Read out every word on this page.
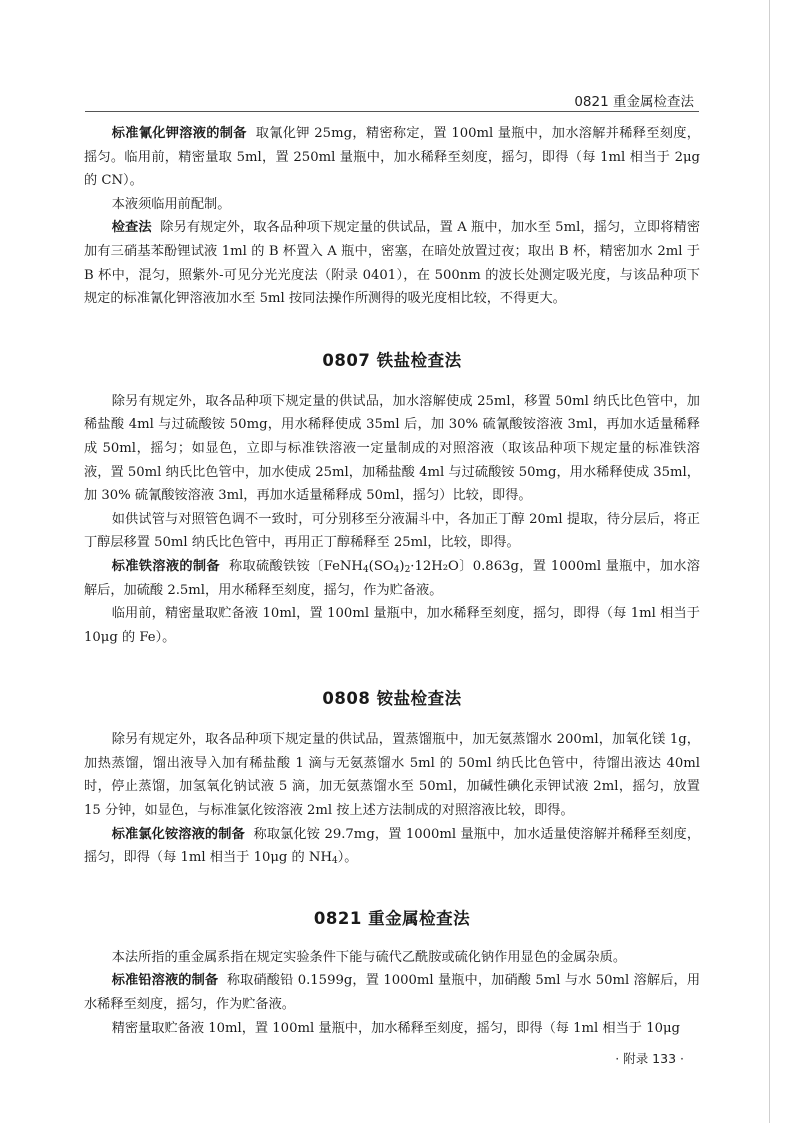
0821 重金属检查法

标准氰化钾溶液的制备 取氰化钾 25mg，精密称定，置 100ml 量瓶中，加水溶解并稀释至刻度，摇匀。临用前，精密量取 5ml，置 250ml 量瓶中，加水稀释至刻度，摇匀，即得（每 1ml 相当于 2μg 的 CN）。

本液须临用前配制。

检查法 除另有规定外，取各品种项下规定量的供试品，置 A 瓶中，加水至 5ml，摇匀，立即将精密加有三硝基苯酚锂试液 1ml 的 B 杯置入 A 瓶中，密塞，在暗处放置过夜；取出 B 杯，精密加水 2ml 于 B 杯中，混匀，照紫外-可见分光光度法（附录 0401），在 500nm 的波长处测定吸光度，与该品种项下规定的标准氰化钾溶液加水至 5ml 按同法操作所测得的吸光度相比较，不得更大。

0807 铁盐检查法

除另有规定外，取各品种项下规定量的供试品，加水溶解使成 25ml，移置 50ml 纳氏比色管中，加稀盐酸 4ml 与过硫酸铵 50mg，用水稀释使成 35ml 后，加 30% 硫氰酸铵溶液 3ml，再加水适量稀释成 50ml，摇匀；如显色，立即与标准铁溶液一定量制成的对照溶液（取该品种项下规定量的标准铁溶液，置 50ml 纳氏比色管中，加水使成 25ml，加稀盐酸 4ml 与过硫酸铵 50mg，用水稀释使成 35ml，加 30% 硫氰酸铵溶液 3ml，再加水适量稀释成 50ml，摇匀）比较，即得。

如供试管与对照管色调不一致时，可分别移至分液漏斗中，各加正丁醇 20ml 提取，待分层后，将正丁醇层移置 50ml 纳氏比色管中，再用正丁醇稀释至 25ml，比较，即得。

标准铁溶液的制备 称取硫酸铁铵〔$FeNH_4(SO_4)_2\cdot 12H_2O$〕0.863g，置 1000ml 量瓶中，加水溶解后，加硫酸 2.5ml，用水稀释至刻度，摇匀，作为贮备液。

临用前，精密量取贮备液 10ml，置 100ml 量瓶中，加水稀释至刻度，摇匀，即得（每 1ml 相当于 10μg 的 Fe）。

0808 铵盐检查法

除另有规定外，取各品种项下规定量的供试品，置蒸馏瓶中，加无氨蒸馏水 200ml，加氧化镁 1g，加热蒸馏，馏出液导入加有稀盐酸 1 滴与无氨蒸馏水 5ml 的 50ml 纳氏比色管中，待馏出液达 40ml 时，停止蒸馏，加氢氧化钠试液 5 滴，加无氨蒸馏水至 50ml，加碱性碘化汞钾试液 2ml，摇匀，放置 15 分钟，如显色，与标准氯化铵溶液 2ml 按上述方法制成的对照溶液比较，即得。

标准氯化铵溶液的制备 称取氯化铵 29.7mg，置 1000ml 量瓶中，加水适量使溶解并稀释至刻度，摇匀，即得（每 1ml 相当于 10μg 的 $NH_4$）。

0821 重金属检查法

本法所指的重金属系指在规定实验条件下能与硫代乙酰胺或硫化钠作用显色的金属杂质。

标准铅溶液的制备 称取硝酸铅 0.1599g，置 1000ml 量瓶中，加硝酸 5ml 与水 50ml 溶解后，用水稀释至刻度，摇匀，作为贮备液。

精密量取贮备液 10ml，置 100ml 量瓶中，加水稀释至刻度，摇匀，即得（每 1ml 相当于 10μg

· 附录 133 ·
